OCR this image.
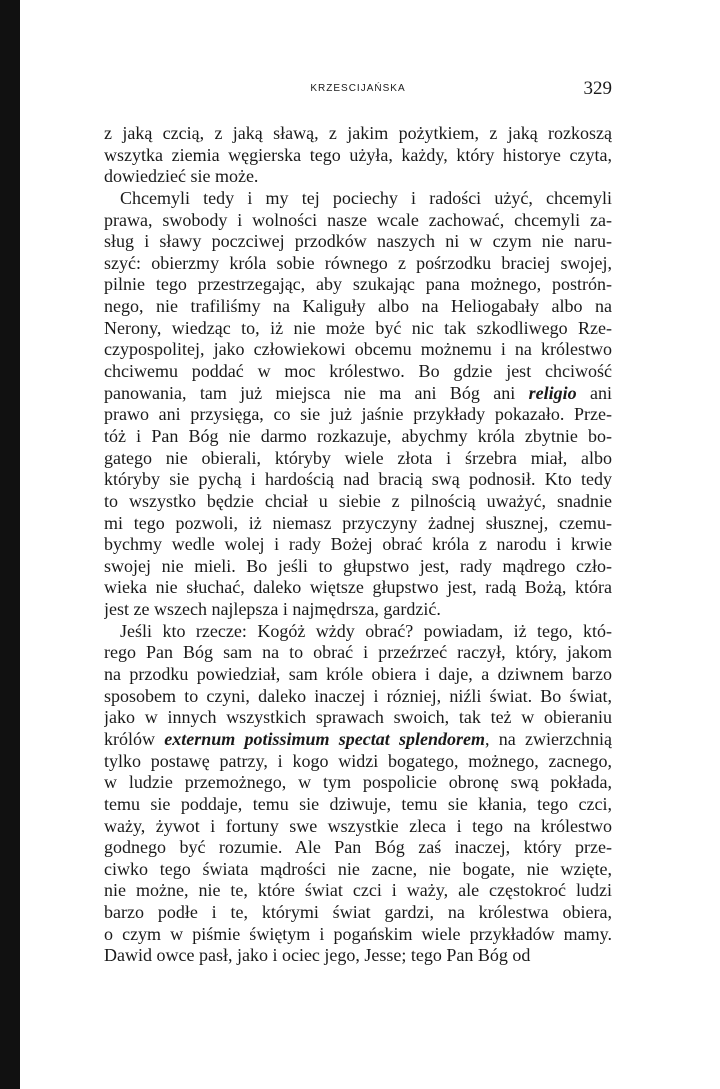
KRZESCIJAŃSKA	329
z jaką czcią, z jaką sławą, z jakim pożytkiem, z jaką rozkoszą
wszytka ziemia węgierska tego użyła, każdy, który historye czyta,
dowiedzieć sie może.
Chcemyli tedy i my tej pociechy i radości użyć, chcemyli
prawa, swobody i wolności nasze wcale zachować, chcemyli za-
sług i sławy poczciwej przodków naszych ni w czym nie naru-
szyć: obierzmy króla sobie równego z pośrzodku braciej swojej,
pilnie tego przestrzegając, aby szukając pana możnego, postrón-
nego, nie trafiliśmy na Kaliguły albo na Heliogabały albo na
Nerony, wiedząc to, iż nie może być nic tak szkodliwego Rze-
czypospolitej, jako człowiekowi obcemu możnemu i na królestwo
chciwemu poddać w moc królestwo. Bo gdzie jest chciwość
panowania, tam już miejsca nie ma ani Bóg ani religio ani
prawo ani przysięga, co sie już jaśnie przykłady pokazało. Prze-
tóż i Pan Bóg nie darmo rozkazuje, abychmy króla zbytnie bo-
gatego nie obierali, któryby wiele złota i śrzebra miał, albo
któryby sie pychą i hardością nad bracią swą podnosił. Kto tedy
to wszystko będzie chciał u siebie z pilnością uważyć, snadnie
mi tego pozwoli, iż niemasz przyczyny żadnej słusznej, czemu-
bychmy wedle wolej i rady Bożej obrać króla z narodu i krwie
swojej nie mieli. Bo jeśli to głupstwo jest, rady mądrego czło-
wieka nie słuchać, daleko więtsze głupstwo jest, radą Bożą, która
jest ze wszech najlepsza i najmędrsza, gardzić.
Jeśli kto rzecze: Kogóż wżdy obrać? powiadam, iż tego, któ-
rego Pan Bóg sam na to obrać i przeźrzeć raczył, który, jakom
na przodku powiedział, sam króle obiera i daje, a dziwnem barzo
sposobem to czyni, daleko inaczej i rózniej, niźli świat. Bo świat,
jako w innych wszystkich sprawach swoich, tak też w obieraniu
królów externum potissimum spectat splendorem, na zwierzchnią
tylko postawę patrzy, i kogo widzi bogatego, możnego, zacnego,
w ludzie przemożnego, w tym pospolicie obronę swą pokłada,
temu sie poddaje, temu sie dziwuje, temu sie kłania, tego czci,
waży, żywot i fortuny swe wszystkie zleca i tego na królestwo
godnego być rozumie. Ale Pan Bóg zaś inaczej, który prze-
ciwko tego świata mądrości nie zacne, nie bogate, nie wzięte,
nie możne, nie te, które świat czci i waży, ale częstokroć ludzi
barzo podłe i te, którymi świat gardzi, na królestwa obiera,
o czym w piśmie świętym i pogańskim wiele przykładów mamy.
Dawid owce pasł, jako i ociec jego, Jesse; tego Pan Bóg od
